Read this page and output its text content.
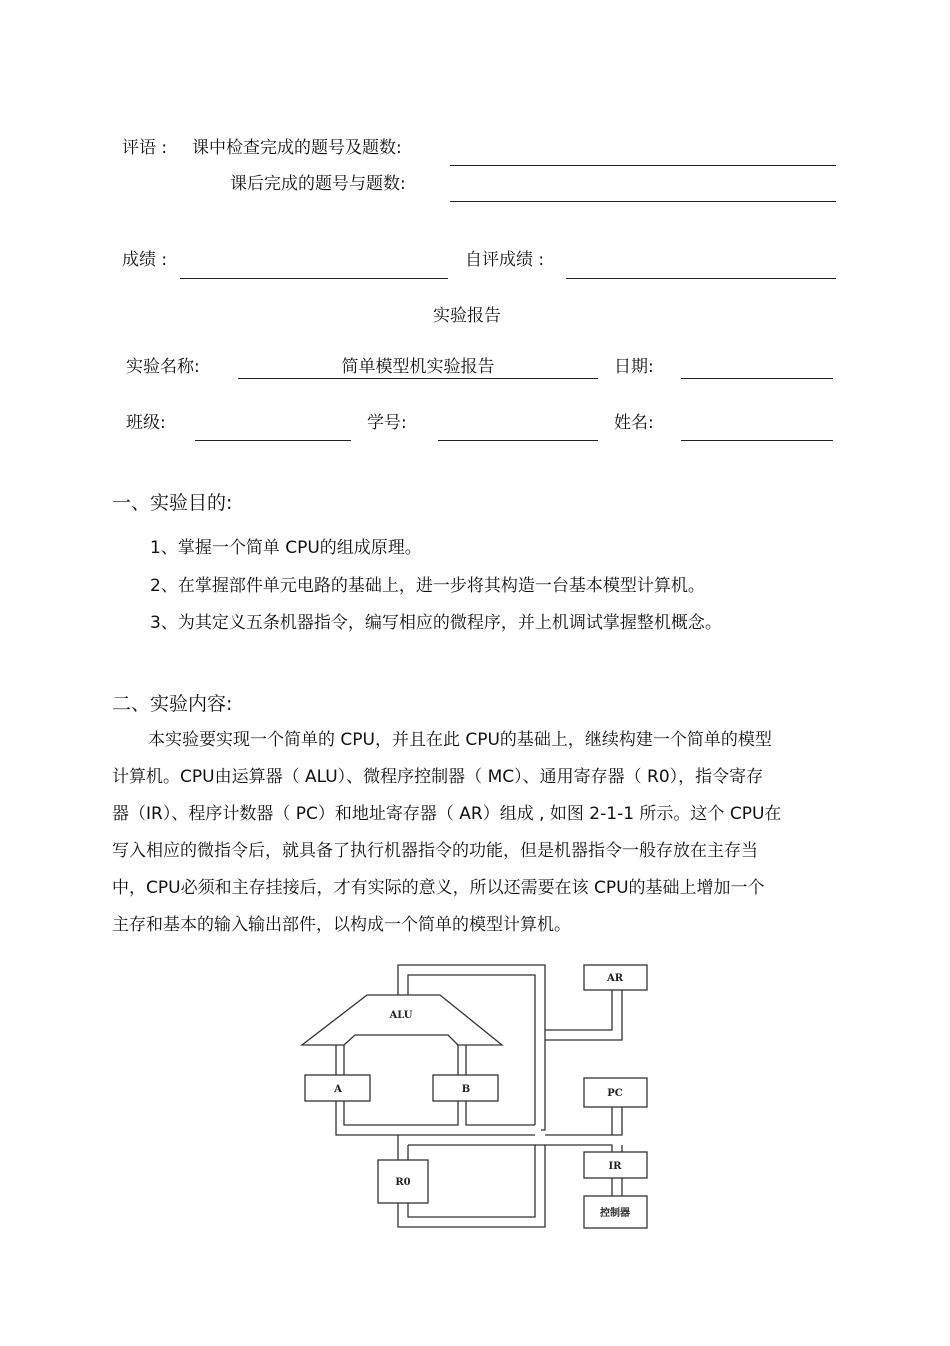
评语 : 课中检查完成的题号及题数:
课后完成的题号与题数:
成绩 :	自评成绩 :
实验报告
实验名称:	简单模型机实验报告	日期:
班级:	学号:	姓名:
一、实验目的:
1、掌握一个简单 CPU的组成原理。
2、在掌握部件单元电路的基础上，进一步将其构造一台基本模型计算机。
3、为其定义五条机器指令，编写相应的微程序，并上机调试掌握整机概念。
二、实验内容:
本实验要实现一个简单的 CPU，并且在此 CPU的基础上，继续构建一个简单的模型
计算机。CPU由运算器（ ALU）、微程序控制器（ MC）、通用寄存器（ R0），指令寄存
器（IR）、程序计数器（ PC）和地址寄存器（ AR）组成 , 如图 2-1-1 所示。这个 CPU在
写入相应的微指令后，就具备了执行机器指令的功能，但是机器指令一般存放在主存当
中，CPU必须和主存挂接后，才有实际的意义，所以还需要在该 CPU的基础上增加一个
主存和基本的输入输出部件，以构成一个简单的模型计算机。
ALU
A	B
R0
AR
PC
IR
控制器
